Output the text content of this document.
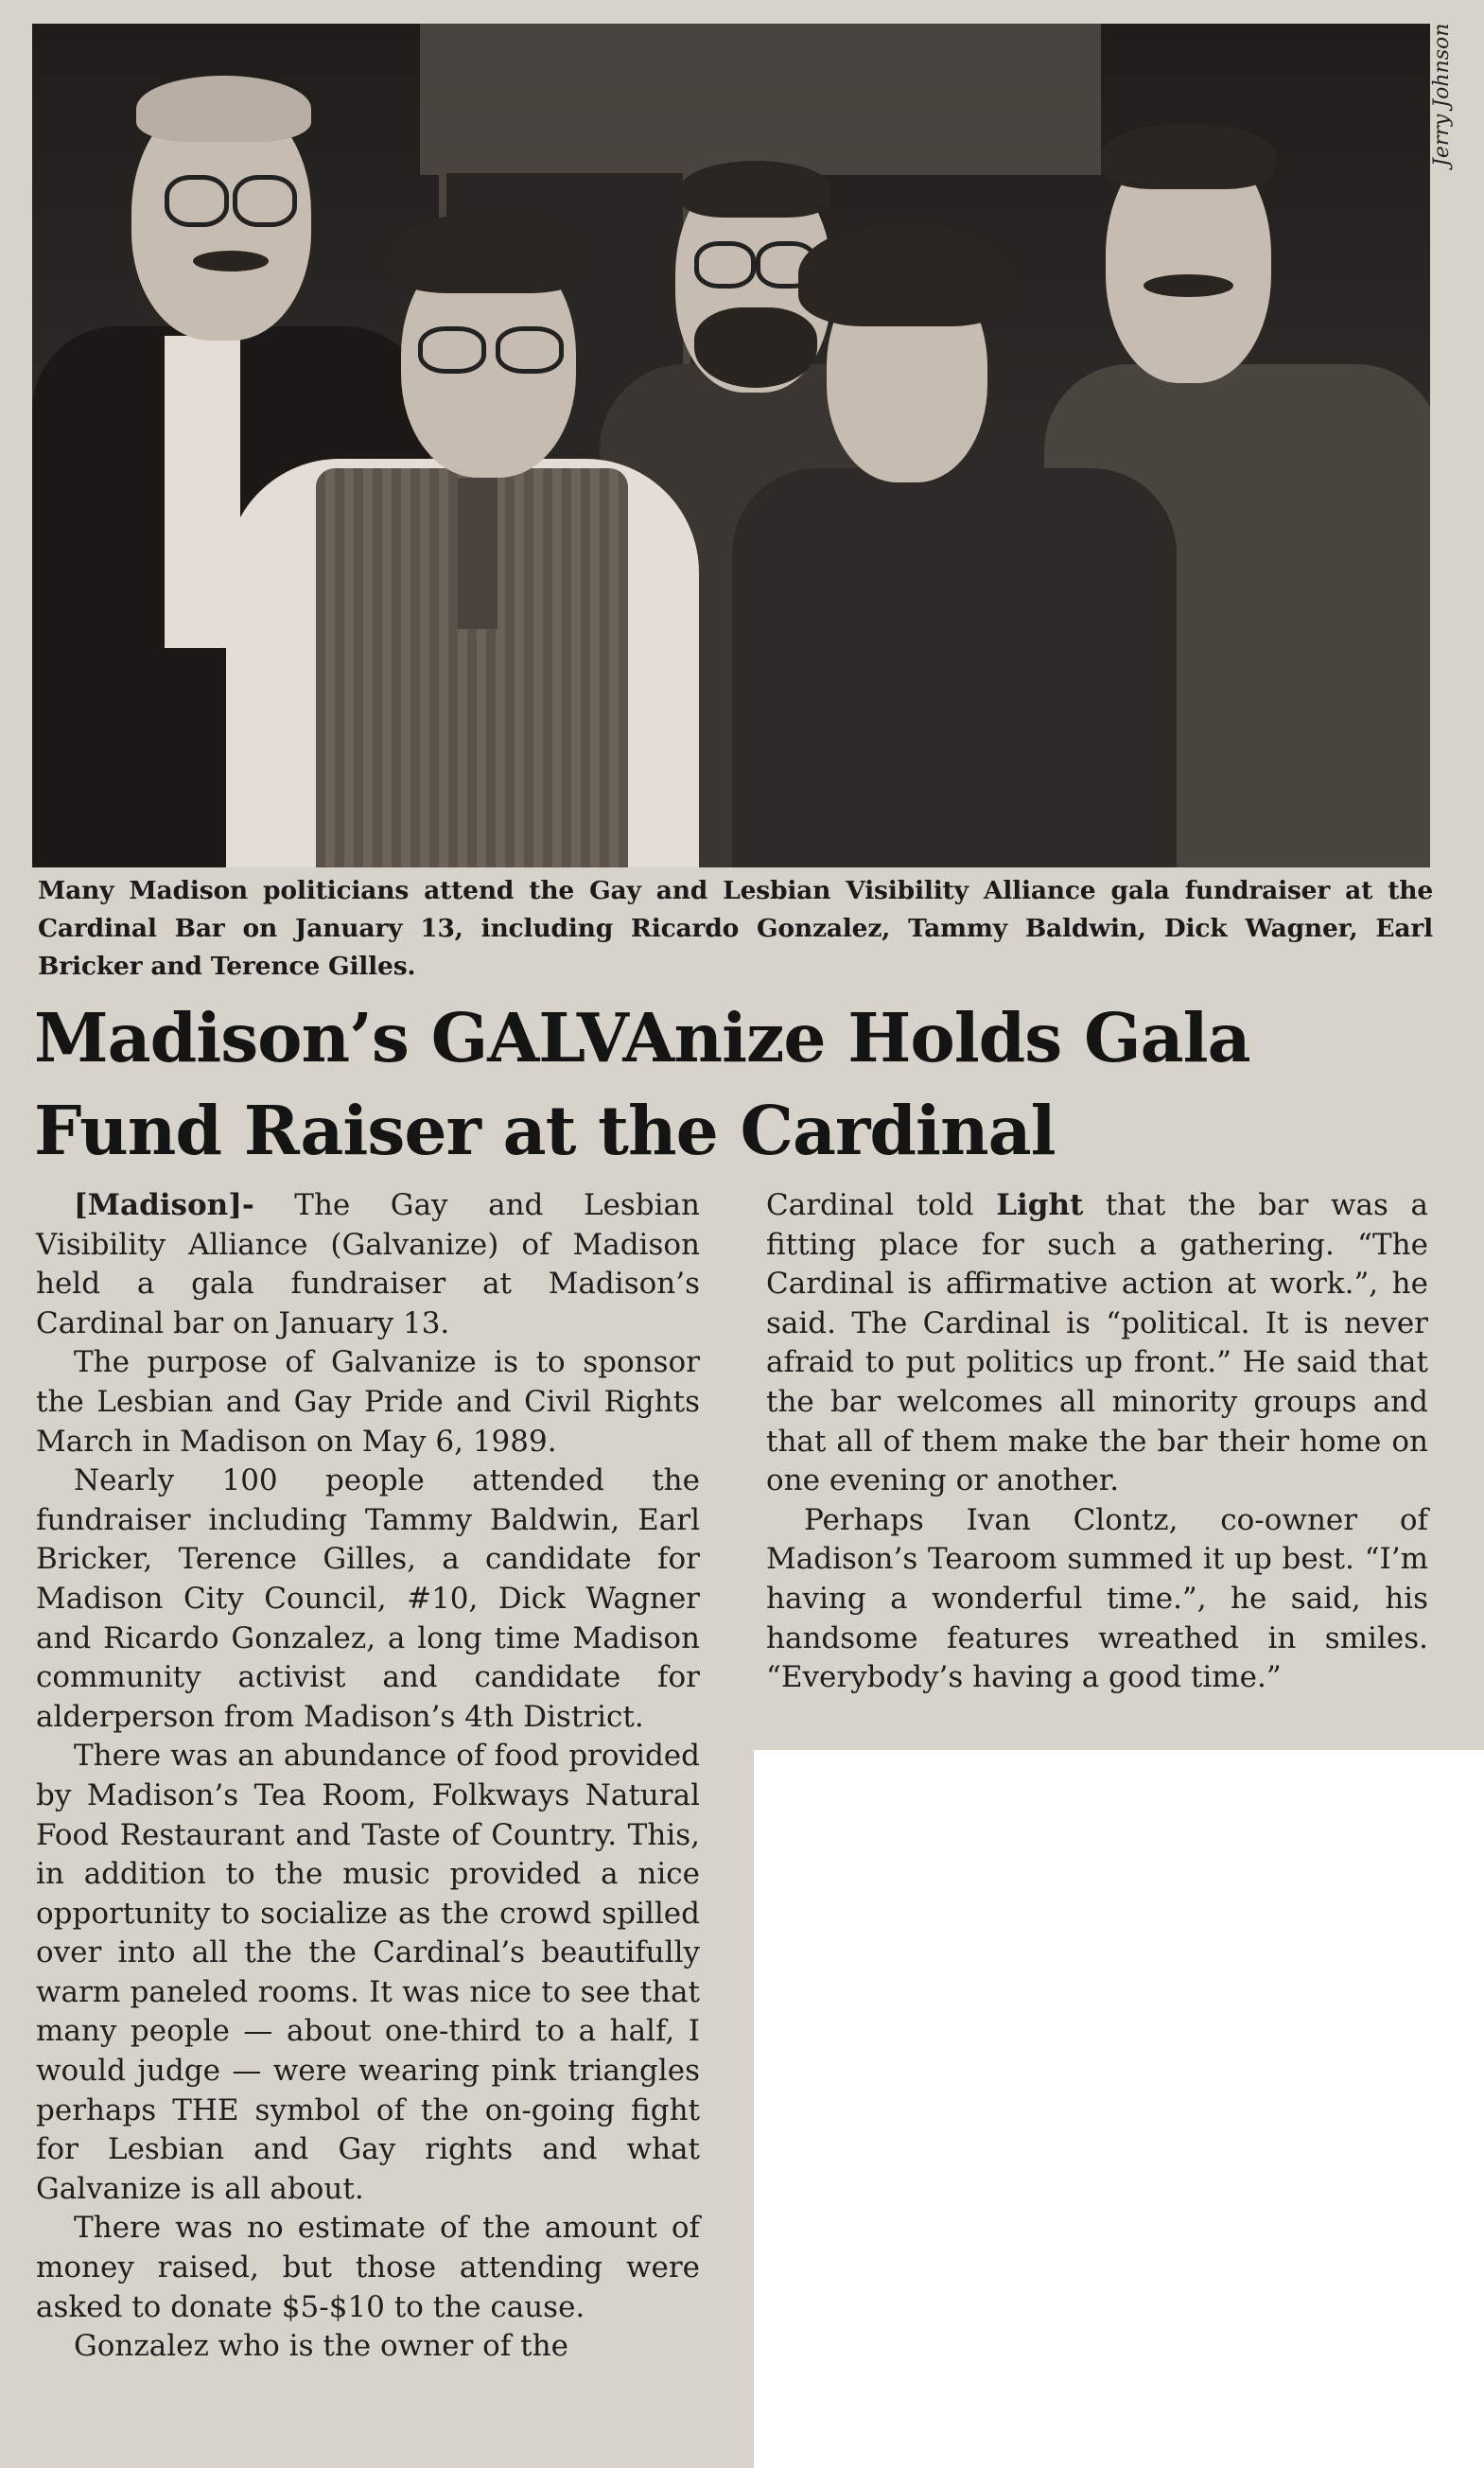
Jerry Johnson
Many Madison politicians attend the Gay and Lesbian Visibility Alliance gala fundraiser at the Cardinal Bar on January 13, including Ricardo Gonzalez, Tammy Baldwin, Dick Wagner, Earl Bricker and Terence Gilles.
Madison’s GALVAnize Holds Gala
Fund Raiser at the Cardinal

[Madison]- The Gay and Lesbian Visibility Alliance (Galvanize) of Madison held a gala fundraiser at Madison’s Cardinal bar on January 13.

The purpose of Galvanize is to sponsor the Lesbian and Gay Pride and Civil Rights March in Madison on May 6, 1989.

Nearly 100 people attended the fundraiser including Tammy Baldwin, Earl Bricker, Terence Gilles, a candidate for Madison City Council, #10, Dick Wagner and Ricardo Gonzalez, a long time Madison community activist and candidate for alderperson from Madison’s 4th District.

There was an abundance of food provided by Madison’s Tea Room, Folkways Natural Food Restaurant and Taste of Country. This, in addition to the music provided a nice opportunity to socialize as the crowd spilled over into all the the Cardinal’s beautifully warm paneled rooms. It was nice to see that many people — about one-third to a half, I would judge — were wearing pink triangles perhaps THE symbol of the on-going fight for Lesbian and Gay rights and what Galvanize is all about.

There was no estimate of the amount of money raised, but those attending were asked to donate $5-$10 to the cause.

Gonzalez who is the owner of the

Cardinal told Light that the bar was a fitting place for such a gathering. “The Cardinal is affirmative action at work.”, he said. The Cardinal is “political. It is never afraid to put politics up front.” He said that the bar welcomes all minority groups and that all of them make the bar their home on one evening or another.

Perhaps Ivan Clontz, co-owner of Madison’s Tearoom summed it up best. “I’m having a wonderful time.”, he said, his handsome features wreathed in smiles. “Everybody’s having a good time.”
